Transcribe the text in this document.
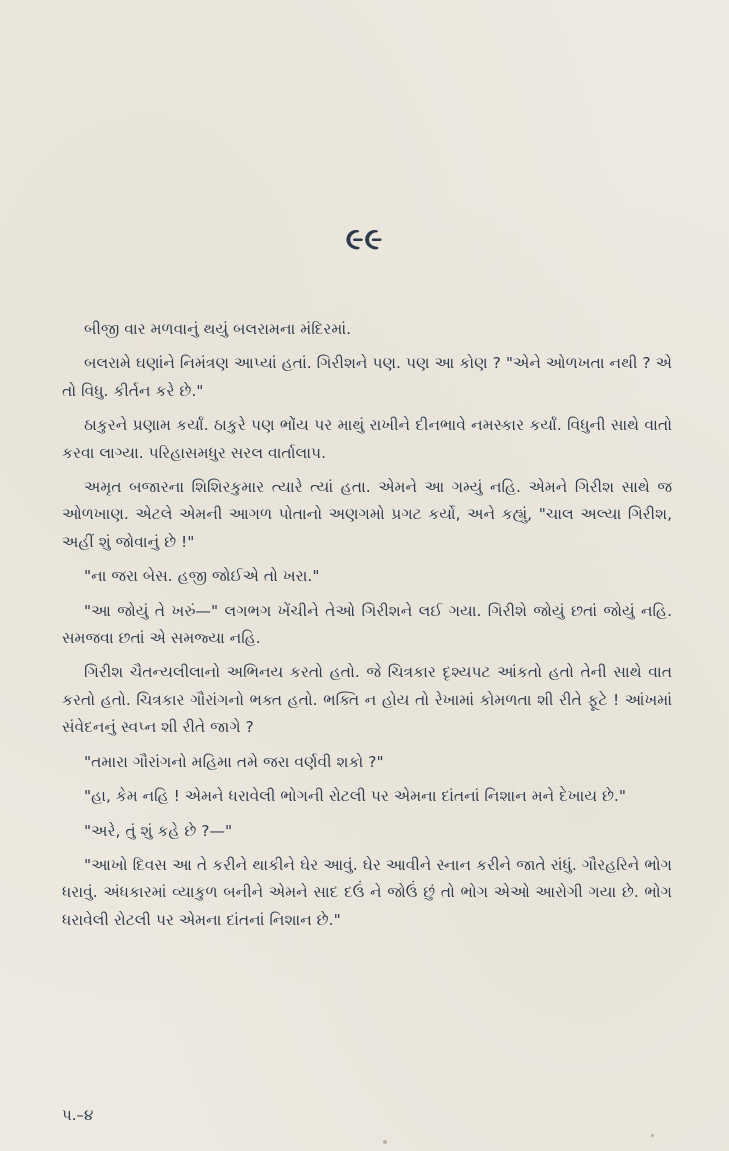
૯૯

બીજી વાર મળવાનું થયું બલરામના મંદિરમાં.

બલરામે ઘણાંને નિમંત્રણ આપ્યાં હતાં. ગિરીશને પણ. પણ આ કોણ ? "એને ઓળખતા નથી ? એ તો વિધુ. કીર્તન કરે છે."

ઠાકુરને પ્રણામ કર્યાં. ઠાકુરે પણ ભોંય પર માથું રાખીને દીનભાવે નમસ્કાર કર્યાં. વિધુની સાથે વાતો કરવા લાગ્યા. પરિહાસમધુર સરલ વાર્તાલાપ.

અમૃત બજારના શિશિરકુમાર ત્યારે ત્યાં હતા. એમને આ ગમ્યું નહિ. એમને ગિરીશ સાથે જ ઓળખાણ. એટલે એમની આગળ પોતાનો અણગમો પ્રગટ કર્યો, અને કહ્યું, "ચાલ અલ્યા ગિરીશ, અહીં શું જોવાનું છે !"

"ના જરા બેસ. હજી જોઈએ તો ખરા."

"આ જોયું તે ખરું—" લગભગ ખેંચીને તેઓ ગિરીશને લઈ ગયા. ગિરીશે જોયું છતાં જોયું નહિ. સમજવા છતાં એ સમજ્યા નહિ.

ગિરીશ ચૈતન્યલીલાનો અભિનય કરતો હતો. જે ચિત્રકાર દૃશ્યપટ આંકતો હતો તેની સાથે વાત કરતો હતો. ચિત્રકાર ગૌરાંગનો ભક્ત હતો. ભક્તિ ન હોય તો રેખામાં કોમળતા શી રીતે ફૂટે ! આંખમાં સંવેદનનું સ્વપ્ન શી રીતે જાગે ?

"તમારા ગૌરાંગનો મહિમા તમે જરા વર્ણવી શકો ?"

"હા, કેમ નહિ ! એમને ધરાવેલી ભોગની રોટલી પર એમના દાંતનાં નિશાન મને દેખાય છે."

"અરે, તું શું કહે છે ?—"

"આખો દિવસ આ તે કરીને થાકીને ઘેર આવું. ઘેર આવીને સ્નાન કરીને જાતે રાંધું. ગૌરહરિને ભોગ ધરાવું. અંધકારમાં વ્યાકુળ બનીને એમને સાદ દઉં ને જોઉં છું તો ભોગ એઓ આરોગી ગયા છે. ભોગ ધરાવેલી રોટલી પર એમના દાંતનાં નિશાન છે."

પ.–૪
